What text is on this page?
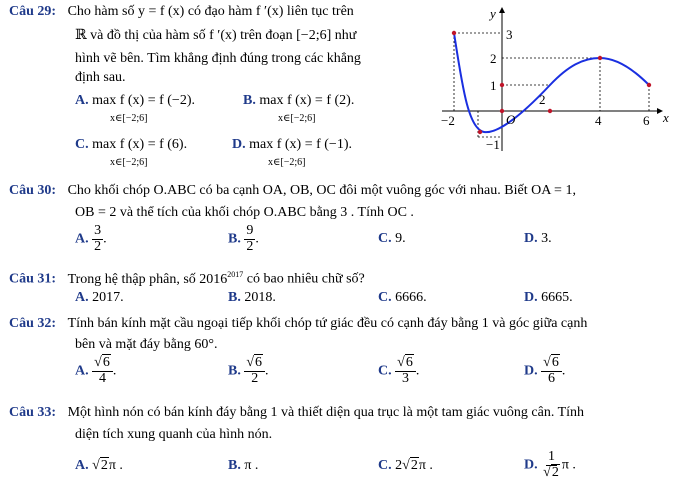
Câu 29: Cho hàm số y = f (x) có đạo hàm f ′(x) liên tục trên
ℝ và đồ thị của hàm số f ′(x) trên đoạn [−2;6] như
hình vẽ bên. Tìm khẳng định đúng trong các khẳng
định sau.
A. max f (x) = f (−2).
x∈[−2;6]
B. max f (x) = f (2).
x∈[−2;6]
C. max f (x) = f (6).
x∈[−2;6]
D. max f (x) = f (−1).
x∈[−2;6]
y
x
O
−2	4	6
3
2
1
−1
2
Câu 30: Cho khối chóp O.ABC có ba cạnh OA, OB, OC đôi một vuông góc với nhau. Biết OA = 1,
OB = 2 và thể tích của khối chóp O.ABC bằng 3 . Tính OC .
A. $\frac{3}{2}$ .	B. $\frac{9}{2}$ .	C. 9.	D. 3.
Câu 31: Trong hệ thập phân, số $2016^{2017}$ có bao nhiêu chữ số?
A. 2017.	B. 2018.	C. 6666.	D. 6665.
Câu 32: Tính bán kính mặt cầu ngoại tiếp khối chóp tứ giác đều có cạnh đáy bằng 1 và góc giữa cạnh
bên và mặt đáy bằng 60°.
A. $\frac{√6}{4}$ .	B. $\frac{√6}{2}$ .	C. $\frac{√6}{3}$ .	D. $\frac{√6}{6}$ .
Câu 33: Một hình nón có bán kính đáy bằng 1 và thiết diện qua trục là một tam giác vuông cân. Tính
diện tích xung quanh của hình nón.
A. √2π .	B. π .	C. 2√2π .	D. $\frac{1}{√2}$ π .
